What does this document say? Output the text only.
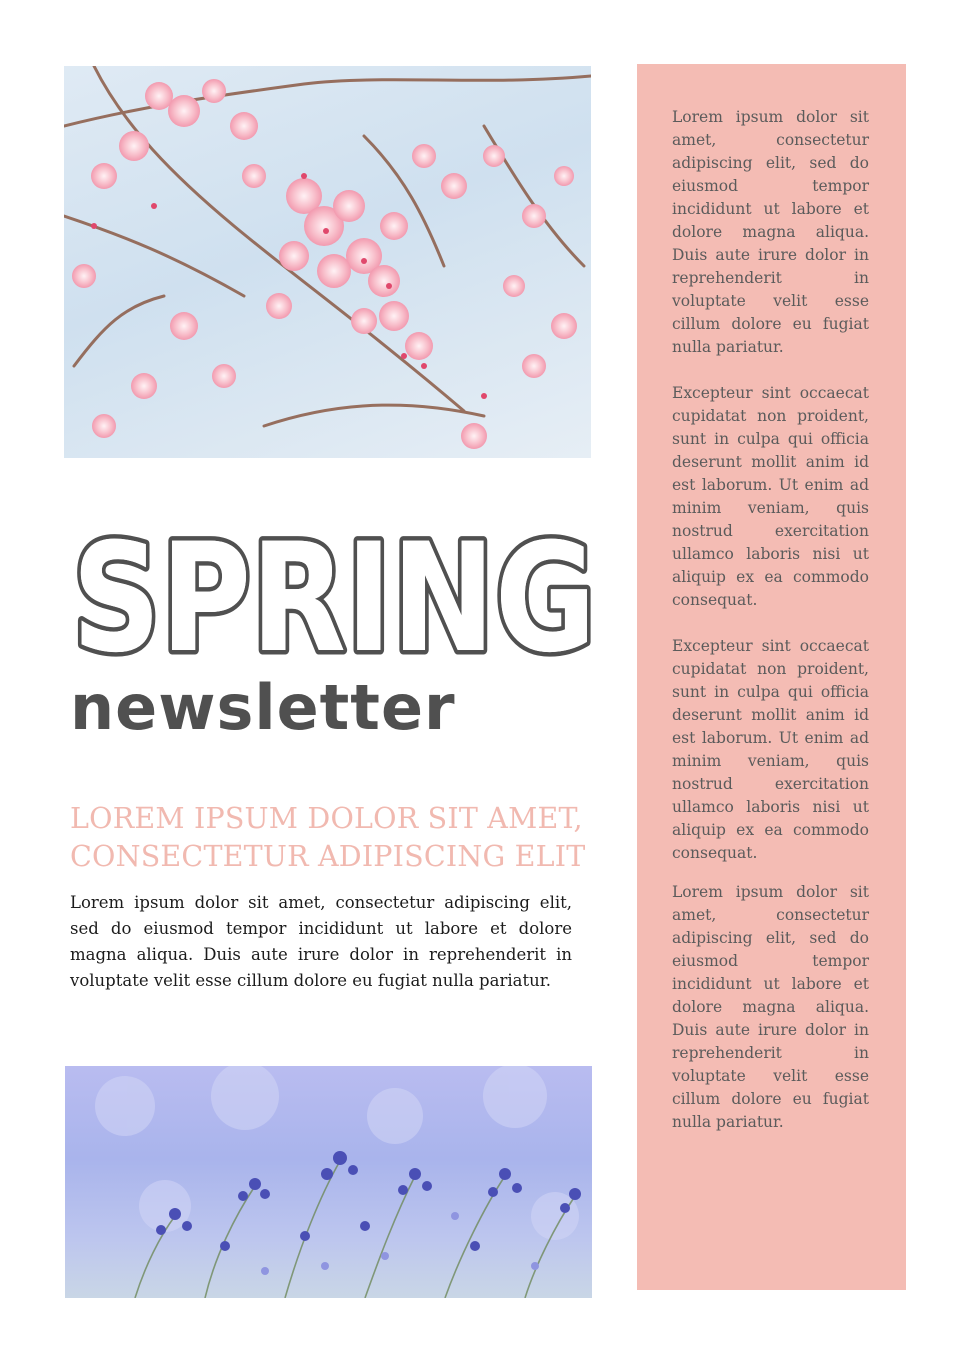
SPRING
SPRING
newsletter
LOREM IPSUM DOLOR SIT AMET, CONSECTETUR ADIPISCING ELIT
Lorem ipsum dolor sit amet, consectetur adipiscing elit, sed do eiusmod tempor incididunt ut labore et dolore magna aliqua. Duis aute irure dolor in reprehenderit in voluptate velit esse cillum dolore eu fugiat nulla pariatur.

Lorem ipsum dolor sit amet, consectetur adipiscing elit, sed do eiusmod tempor incididunt ut labore et dolore magna aliqua. Duis aute irure dolor in reprehenderit in voluptate velit esse cillum dolore eu fugiat nulla pariatur.

Excepteur sint occaecat cupidatat non proident, sunt in culpa qui officia deserunt mollit anim id est laborum. Ut enim ad minim veniam, quis nostrud exercitation ullamco laboris nisi ut aliquip ex ea commodo consequat.

Excepteur sint occaecat cupidatat non proident, sunt in culpa qui officia deserunt mollit anim id est laborum. Ut enim ad minim veniam, quis nostrud exercitation ullamco laboris nisi ut aliquip ex ea commodo consequat.

Lorem ipsum dolor sit amet, consectetur adipiscing elit, sed do eiusmod tempor incididunt ut labore et dolore magna aliqua. Duis aute irure dolor in reprehenderit in voluptate velit esse cillum dolore eu fugiat nulla pariatur.
